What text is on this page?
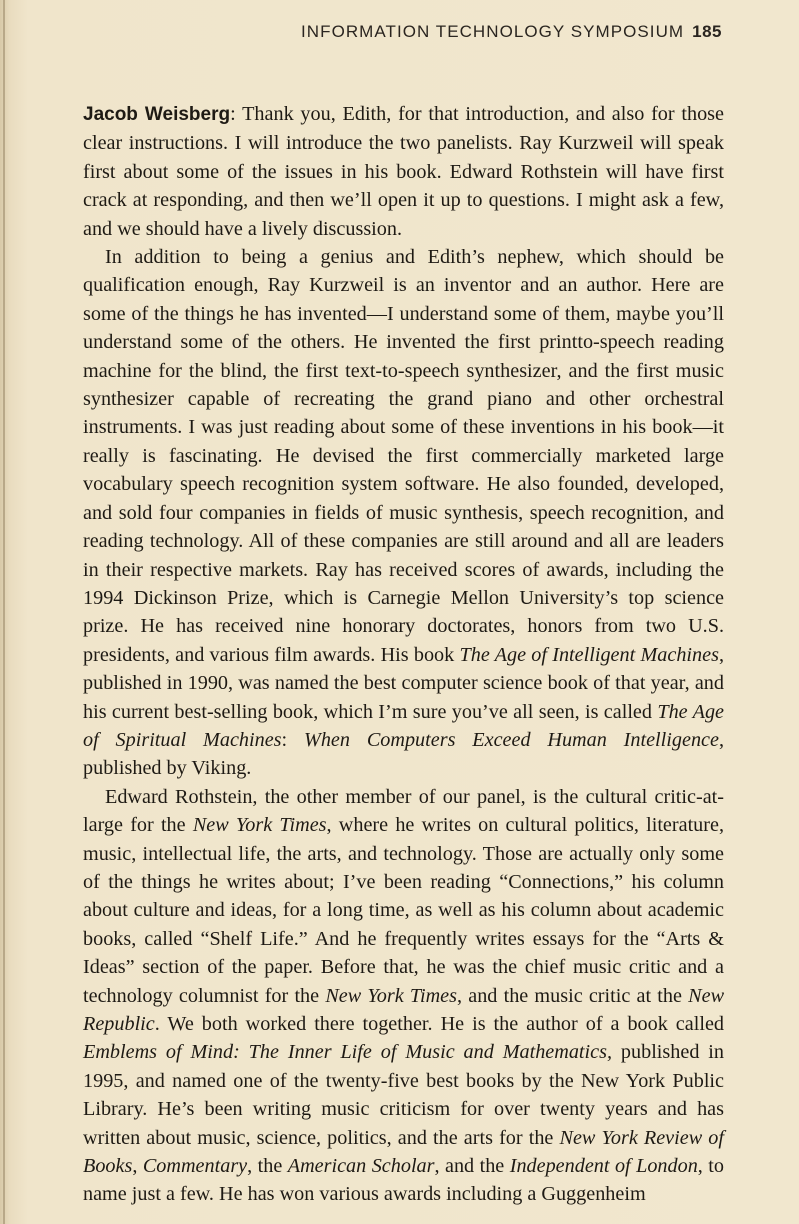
INFORMATION TECHNOLOGY SYMPOSIUM 185

Jacob Weisberg: Thank you, Edith, for that introduction, and also for those clear instructions. I will introduce the two panelists. Ray Kurzweil will speak first about some of the issues in his book. Edward Rothstein will have first crack at responding, and then we’ll open it up to questions. I might ask a few, and we should have a lively discussion.

In addition to being a genius and Edith’s nephew, which should be qualification enough, Ray Kurzweil is an inventor and an author. Here are some of the things he has invented—I understand some of them, maybe you’ll understand some of the others. He invented the first printto-speech reading machine for the blind, the first text-to-speech synthesizer, and the first music synthesizer capable of recreating the grand piano and other orchestral instruments. I was just reading about some of these inventions in his book—it really is fascinating. He devised the first commercially marketed large vocabulary speech recognition system software. He also founded, developed, and sold four companies in fields of music synthesis, speech recognition, and reading technology. All of these companies are still around and all are leaders in their respective markets. Ray has received scores of awards, including the 1994 Dickinson Prize, which is Carnegie Mellon University’s top science prize. He has received nine honorary doctorates, honors from two U.S. presidents, and various film awards. His book The Age of Intelligent Machines, published in 1990, was named the best computer science book of that year, and his current best-selling book, which I’m sure you’ve all seen, is called The Age of Spiritual Machines: When Computers Exceed Human Intelligence, published by Viking.

Edward Rothstein, the other member of our panel, is the cultural critic-at-large for the New York Times, where he writes on cultural politics, literature, music, intellectual life, the arts, and technology. Those are actually only some of the things he writes about; I’ve been reading “Connections,” his column about culture and ideas, for a long time, as well as his column about academic books, called “Shelf Life.” And he frequently writes essays for the “Arts & Ideas” section of the paper. Before that, he was the chief music critic and a technology columnist for the New York Times, and the music critic at the New Republic. We both worked there together. He is the author of a book called Emblems of Mind: The Inner Life of Music and Mathematics, published in 1995, and named one of the twenty-five best books by the New York Public Library. He’s been writing music criticism for over twenty years and has written about music, science, politics, and the arts for the New York Review of Books, Commentary, the American Scholar, and the Independent of London, to name just a few. He has won various awards including a Guggenheim
